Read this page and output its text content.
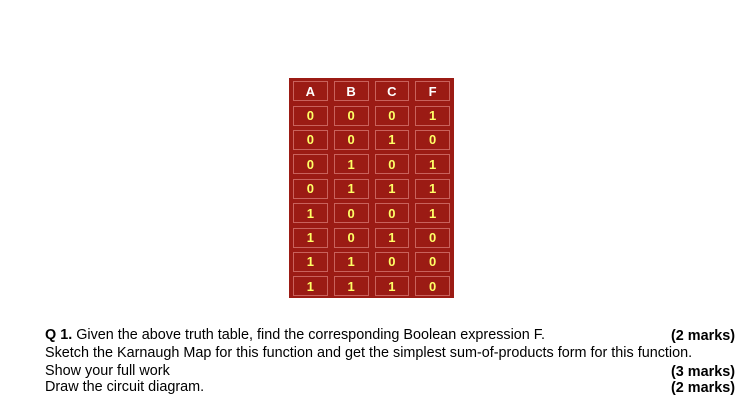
A	B	C	F
0	0	0	1
0	0	1	0
0	1	0	1
0	1	1	1
1	0	0	1
1	0	1	0
1	1	0	0
1	1	1	0
Q 1. Given the above truth table, find the corresponding Boolean expression F.	(2 marks)
Sketch the Karnaugh Map for this function and get the simplest sum-of-products form for this function.
Show your full work	(3 marks)
Draw the circuit diagram.	(2 marks)
